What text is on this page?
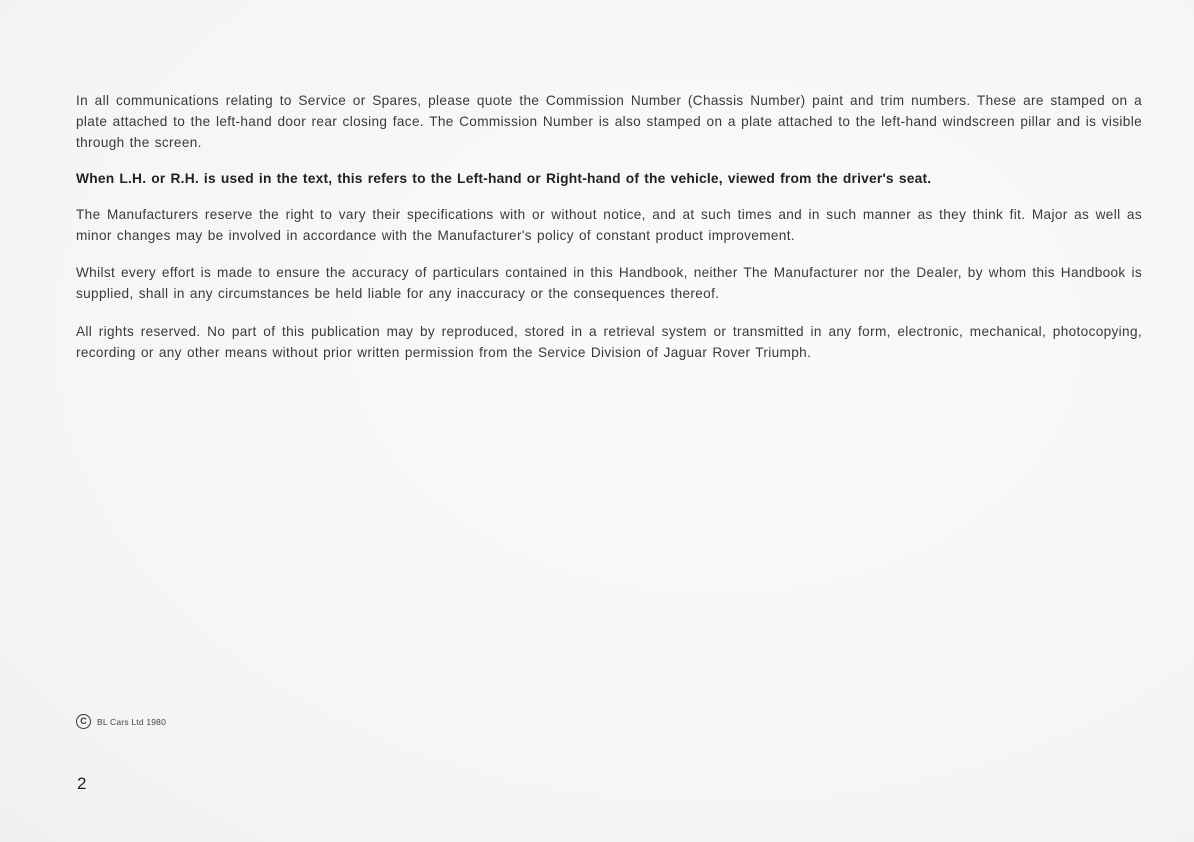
In all communications relating to Service or Spares, please quote the Commission Number (Chassis Number) paint and trim numbers. These are stamped on a plate attached to the left-hand door rear closing face. The Commission Number is also stamped on a plate attached to the left-hand windscreen pillar and is visible through the screen.

When L.H. or R.H. is used in the text, this refers to the Left-hand or Right-hand of the vehicle, viewed from the driver's seat.

The Manufacturers reserve the right to vary their specifications with or without notice, and at such times and in such manner as they think fit. Major as well as minor changes may be involved in accordance with the Manufacturer's policy of constant product improvement.

Whilst every effort is made to ensure the accuracy of particulars contained in this Handbook, neither The Manufacturer nor the Dealer, by whom this Handbook is supplied, shall in any circumstances be held liable for any inaccuracy or the consequences thereof.

All rights reserved. No part of this publication may by reproduced, stored in a retrieval system or transmitted in any form, electronic, mechanical, photocopying, recording or any other means without prior written permission from the Service Division of Jaguar Rover Triumph.

C	BL Cars Ltd 1980
2
